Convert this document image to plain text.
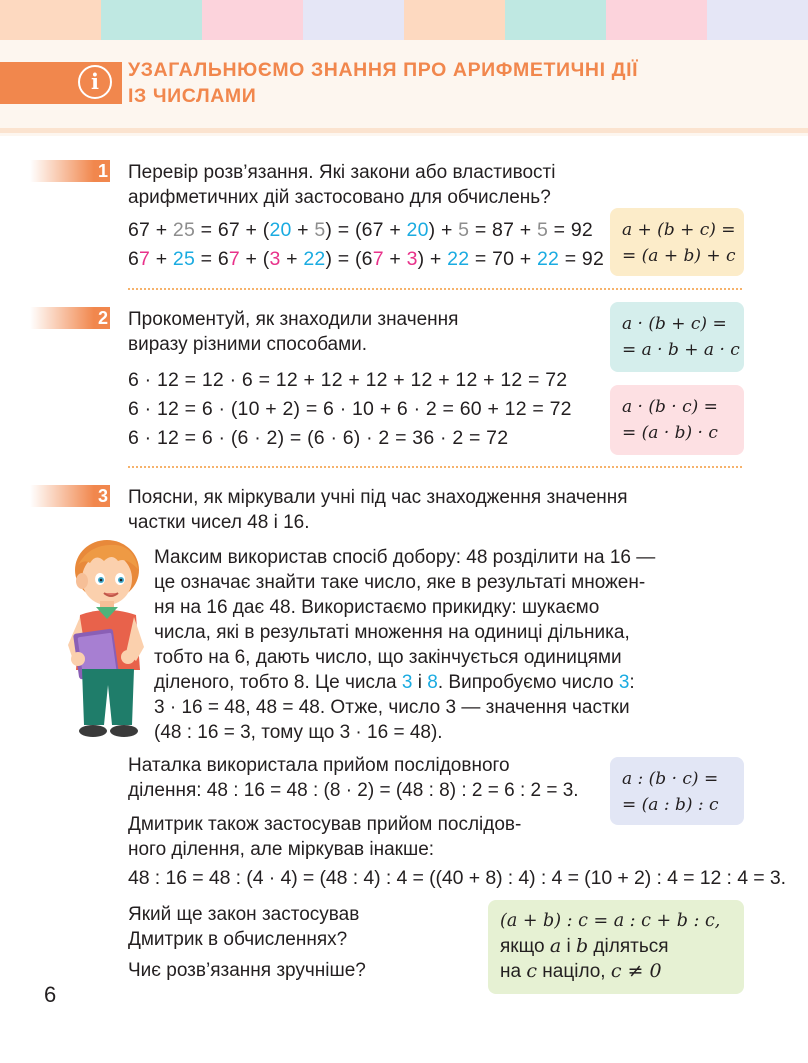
i	УЗАГАЛЬНЮЄМО ЗНАННЯ ПРО АРИФМЕТИЧНІ ДІЇ
ІЗ ЧИСЛАМИ
1 Перевір розв’язання. Які закони або властивості
арифметичних дій застосовано для обчислень?

67 + 25 = 67 + (20 + 5) = (67 + 20) + 5 = 87 + 5 = 92
67 + 25 = 67 + (3 + 22) = (67 + 3) + 22 = 70 + 22 = 92
a + (b + c) =
= (a + b) + c
2 Прокоментуй, як знаходили значення
виразу різними способами.

6 · 12 = 12 · 6 = 12 + 12 + 12 + 12 + 12 + 12 = 72
6 · 12 = 6 · (10 + 2) = 6 · 10 + 6 · 2 = 60 + 12 = 72
6 · 12 = 6 · (6 · 2) = (6 · 6) · 2 = 36 · 2 = 72
a · (b + c) =
= a · b + a · c
a · (b · c) =
= (a · b) · c
3 Поясни, як міркували учні під час знаходження значення
частки чисел 48 і 16.

Максим використав спосіб добору: 48 розділити на 16 —
це означає знайти таке число, яке в результаті множен-
ня на 16 дає 48. Використаємо прикидку: шукаємо
числа, які в результаті множення на одиниці дільника,
тобто на 6, дають число, що закінчується одиницями
діленого, тобто 8. Це числа 3 і 8. Випробуємо число 3:
3 · 16 = 48, 48 = 48. Отже, число 3 — значення частки
(48 : 16 = 3, тому що 3 · 16 = 48).
Наталка використала прийом послідовного
ділення: 48 : 16 = 48 : (8 · 2) = (48 : 8) : 2 = 6 : 2 = 3.
a : (b · c) =
= (a : b) : c
Дмитрик також застосував прийом послідов-
ного ділення, але міркував інакше:
48 : 16 = 48 : (4 · 4) = (48 : 4) : 4 = ((40 + 8) : 4) : 4 = (10 + 2) : 4 = 12 : 4 = 3.
Який ще закон застосував
Дмитрик в обчисленнях?
Чиє розв’язання зручніше?
(a + b) : c = a : c + b : c,
якщо a і b діляться
на c націло, c ≠ 0
6
